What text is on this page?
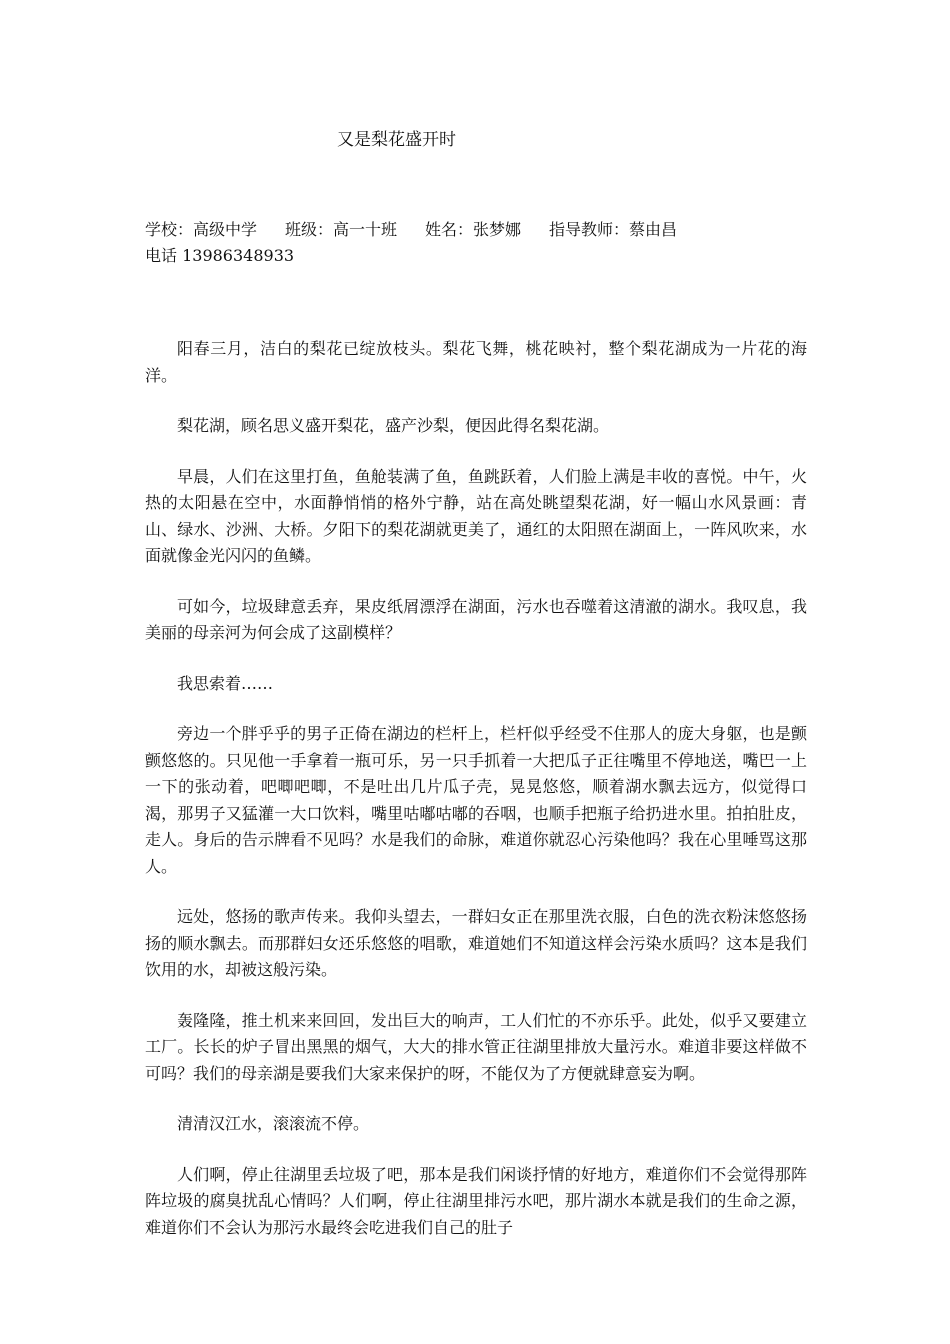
又是梨花盛开时
学校：高级中学 班级：高一十班 姓名：张梦娜 指导教师：蔡由昌
电话 13986348933

阳春三月，洁白的梨花已绽放枝头。梨花飞舞，桃花映衬，整个梨花湖成为一片花的海洋。

梨花湖，顾名思义盛开梨花，盛产沙梨，便因此得名梨花湖。

早晨，人们在这里打鱼，鱼舱装满了鱼，鱼跳跃着，人们脸上满是丰收的喜悦。中午，火热的太阳悬在空中，水面静悄悄的格外宁静，站在高处眺望梨花湖，好一幅山水风景画：青山、绿水、沙洲、大桥。夕阳下的梨花湖就更美了，通红的太阳照在湖面上，一阵风吹来，水面就像金光闪闪的鱼鳞。

可如今，垃圾肆意丢弃，果皮纸屑漂浮在湖面，污水也吞噬着这清澈的湖水。我叹息，我美丽的母亲河为何会成了这副模样？

我思索着……

旁边一个胖乎乎的男子正倚在湖边的栏杆上，栏杆似乎经受不住那人的庞大身躯，也是颤颤悠悠的。只见他一手拿着一瓶可乐，另一只手抓着一大把瓜子正往嘴里不停地送，嘴巴一上一下的张动着，吧唧吧唧，不是吐出几片瓜子壳，晃晃悠悠，顺着湖水飘去远方，似觉得口渴，那男子又猛灌一大口饮料，嘴里咕嘟咕嘟的吞咽，也顺手把瓶子给扔进水里。拍拍肚皮，走人。身后的告示牌看不见吗？水是我们的命脉，难道你就忍心污染他吗？我在心里唾骂这那人。

远处，悠扬的歌声传来。我仰头望去，一群妇女正在那里洗衣服，白色的洗衣粉沫悠悠扬扬的顺水飘去。而那群妇女还乐悠悠的唱歌，难道她们不知道这样会污染水质吗？这本是我们饮用的水，却被这般污染。

轰隆隆，推土机来来回回，发出巨大的响声，工人们忙的不亦乐乎。此处，似乎又要建立工厂。长长的炉子冒出黑黑的烟气，大大的排水管正往湖里排放大量污水。难道非要这样做不可吗？我们的母亲湖是要我们大家来保护的呀，不能仅为了方便就肆意妄为啊。

清清汉江水，滚滚流不停。

人们啊，停止往湖里丢垃圾了吧，那本是我们闲谈抒情的好地方，难道你们不会觉得那阵阵垃圾的腐臭扰乱心情吗？人们啊，停止往湖里排污水吧，那片湖水本就是我们的生命之源，难道你们不会认为那污水最终会吃进我们自己的肚子
